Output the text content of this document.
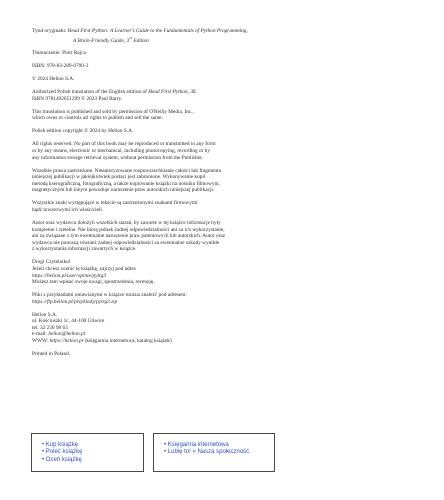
Tytuł oryginału: Head First Python: A Learner's Guide to the Fundamentals of Python Programming,
A Brain-Friendly Guide, 3rd Edition
Tłumaczenie: Piotr Rajca
ISBN: 978-83-289-0700-3
© 2024 Helion S.A.
Authorized Polish translation of the English edition of Head First Python, 3E
ISBN 9781492051299 © 2023 Paul Barry.
This translation is published and sold by permission of O'Reilly Media, Inc.,
which owns or controls all rights to publish and sell the same.
Polish edition copyright © 2024 by Helion S.A.
All rights reserved. No part of this book may be reproduced or transmitted in any form
or by any means, electronic or mechanical, including photocopying, recording or by
any information storage retrieval system, without permission from the Publisher.
Wszelkie prawa zastrzeżone. Nieautoryzowane rozpowszechnianie całości lub fragmentu
niniejszej publikacji w jakiejkolwiek postaci jest zabronione. Wykonywanie kopii
metodą kserograficzną, fotograficzną, a także kopiowanie książki na nośniku filmowym,
magnetycznym lub innym powoduje naruszenie praw autorskich niniejszej publikacji.
Wszystkie znaki występujące w tekście są zastrzeżonymi znakami firmowymi
bądź towarowymi ich właścicieli.
Autor oraz wydawca dołożyli wszelkich starań, by zawarte w tej książce informacje były
kompletne i rzetelne. Nie biorą jednak żadnej odpowiedzialności ani za ich wykorzystanie,
ani za związane z tym ewentualne naruszenie praw patentowych lub autorskich. Autor oraz
wydawca nie ponoszą również żadnej odpowiedzialności za ewentualne szkody wynikłe
z wykorzystania informacji zawartych w książce.
Drogi Czytelniku!
Jeżeli chcesz ocenić tę książkę, zajrzyj pod adres
https://helion.pl/user/opinie/pytrg3
Możesz tam wpisać swoje uwagi, spostrzeżenia, recenzję.
Pliki z przykładami omawianymi w książce można znaleźć pod adresem:
https://ftp.helion.pl/przyklady/pytrg3.zip
Helion S.A.
ul. Kościuszki 1c, 44-100 Gliwice
tel. 32 230 98 63
e-mail: helion@helion.pl
WWW: https://helion.pl (księgarnia internetowa, katalog książek)
Printed in Poland.
• Kup książkę
• Poleć książkę
• Oceń książkę
• Księgarnia internetowa
• Lubię to! » Nasza społeczność
